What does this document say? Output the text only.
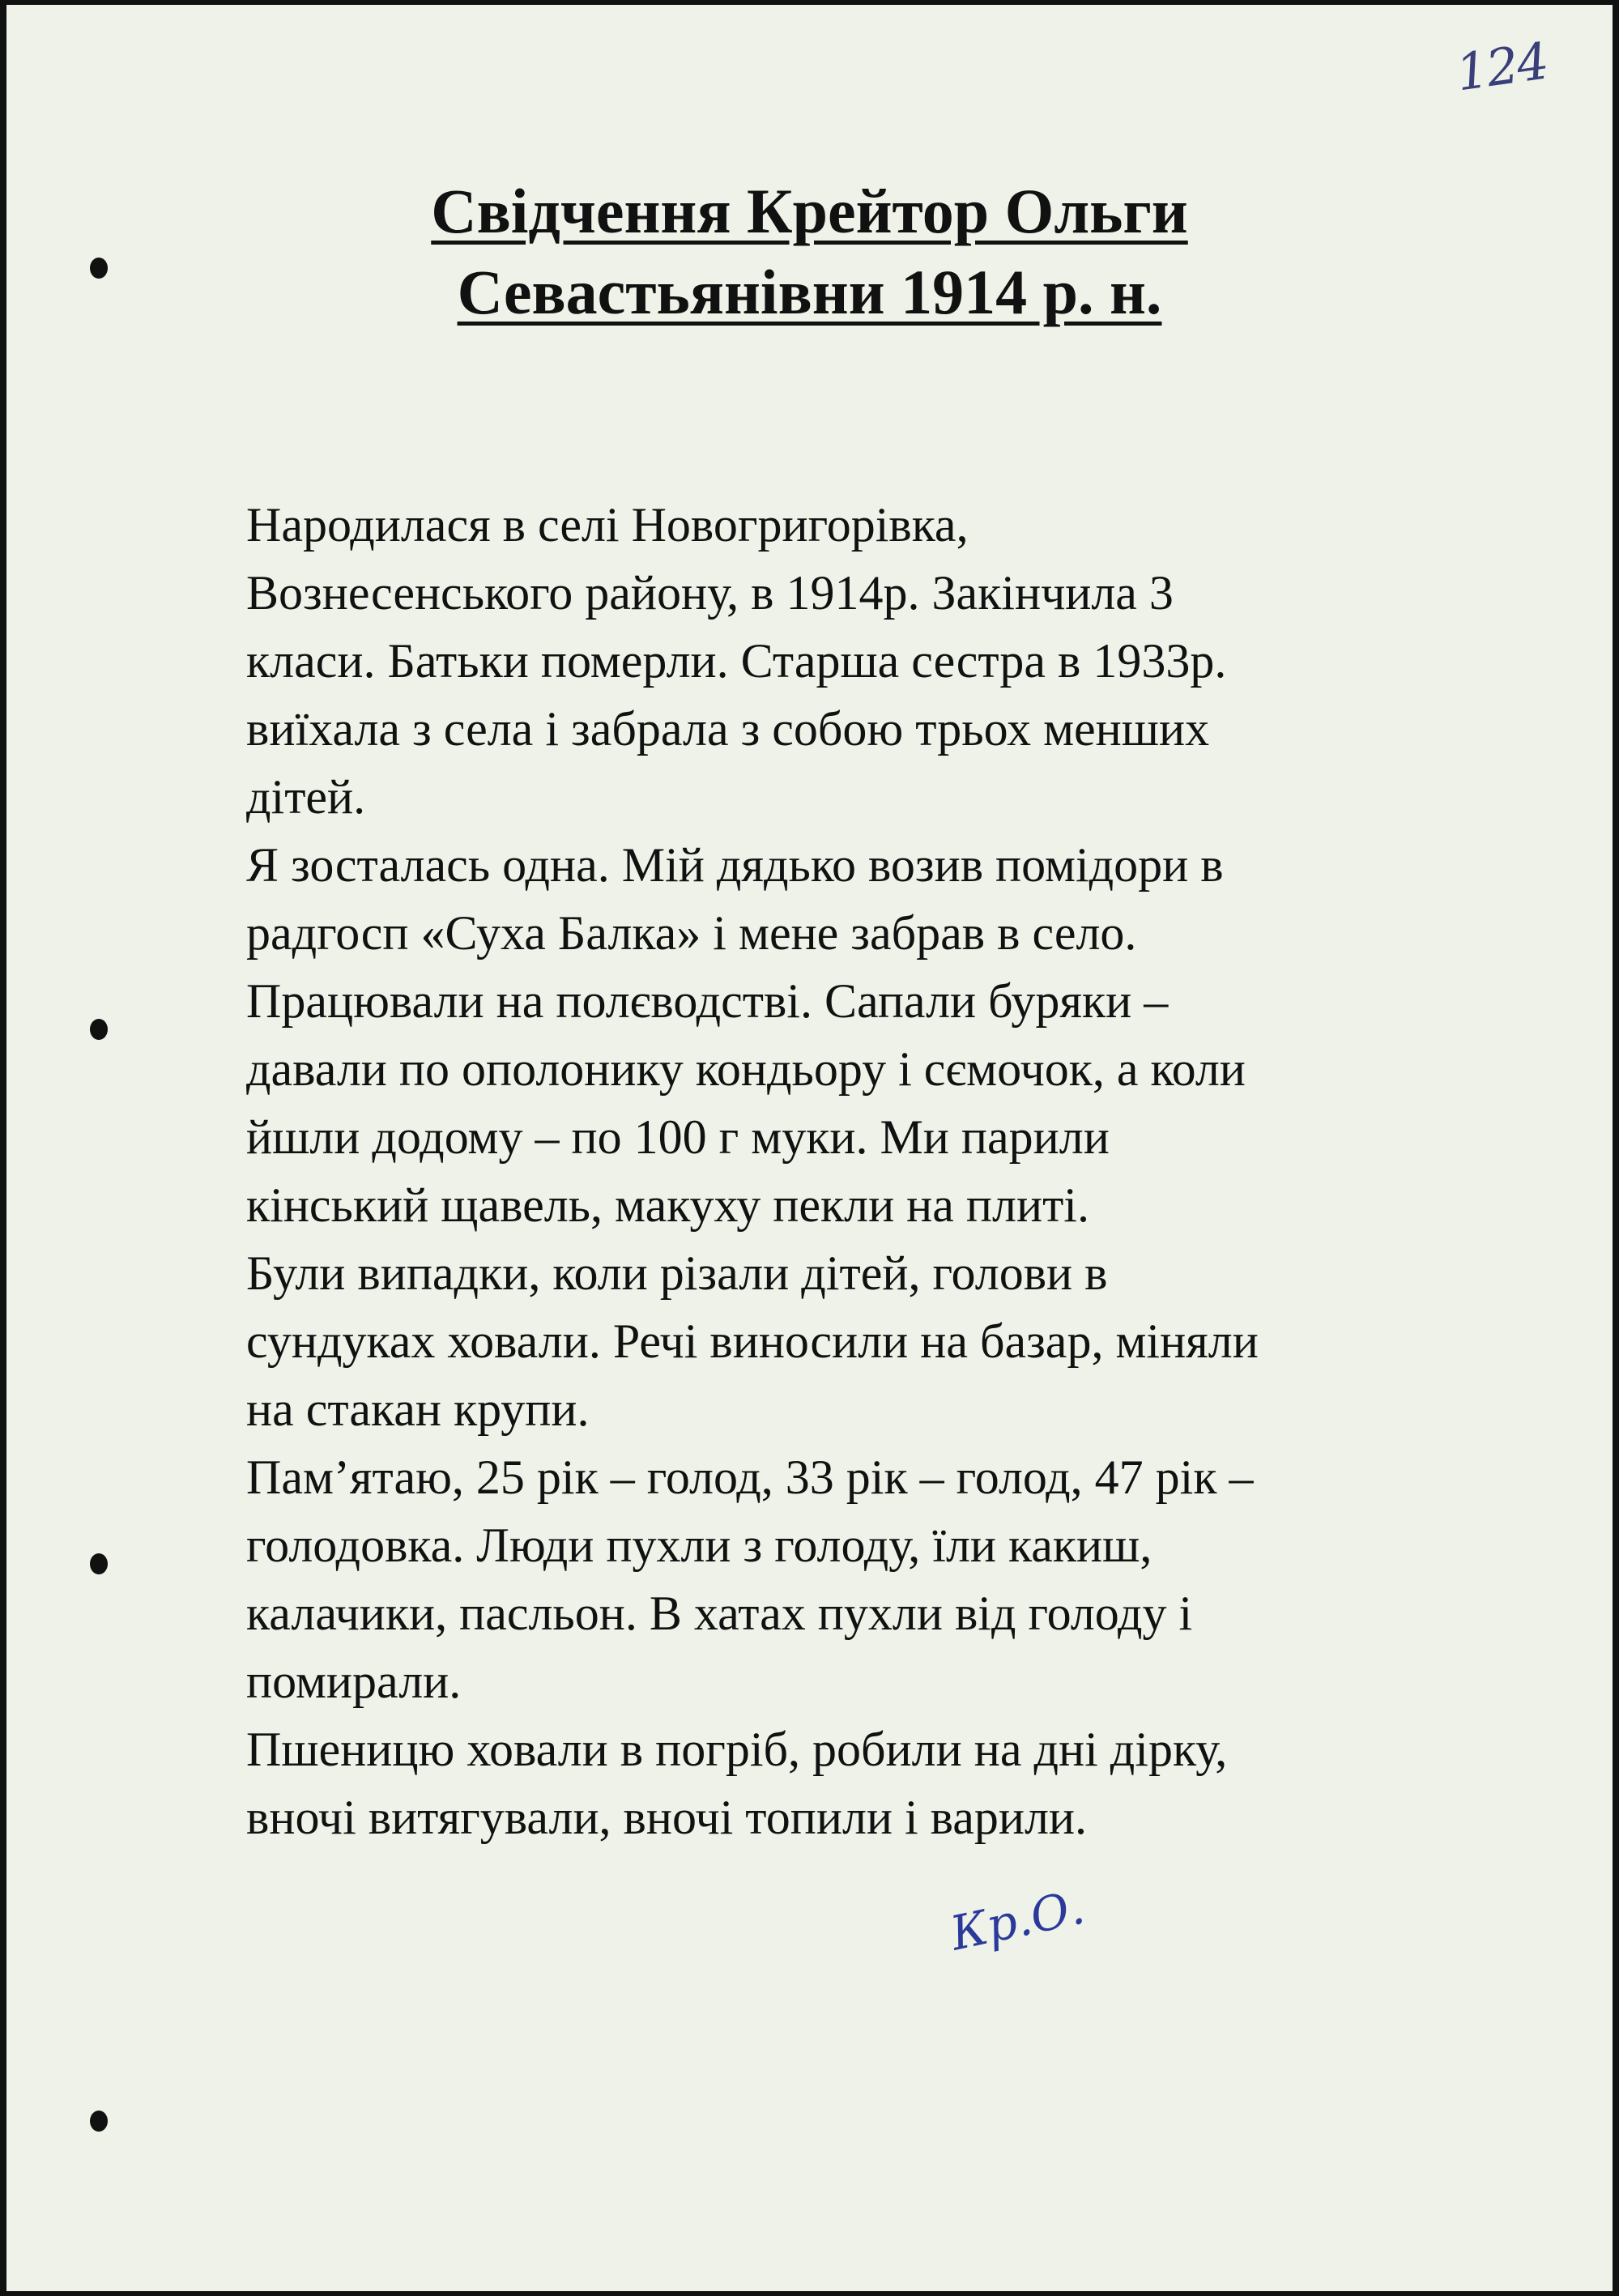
124
Свідчення Крейтор Ольги
Севастьянівни 1914 р. н.
Народилася в селі Новогригорівка,
Вознесенського району, в 1914р. Закінчила 3
класи. Батьки померли. Старша сестра в 1933р.
виїхала з села і забрала з собою трьох менших
дітей.
Я зосталась одна. Мій дядько возив помідори в
радгосп «Суха Балка» і мене забрав в село.
Працювали на полєводстві. Сапали буряки –
давали по ополонику кондьору і сємочок, а коли
йшли додому – по 100 г муки. Ми парили
кінський щавель, макуху пекли на плиті.
Були випадки, коли різали дітей, голови в
сундуках ховали. Речі виносили на базар, міняли
на стакан крупи.
Пам’ятаю, 25 рік – голод, 33 рік – голод, 47 рік –
голодовка. Люди пухли з голоду, їли какиш,
калачики, пасльон. В хатах пухли від голоду і
помирали.
Пшеницю ховали в погріб, робили на дні дірку,
вночі витягували, вночі топили і варили.
Кр.О.
